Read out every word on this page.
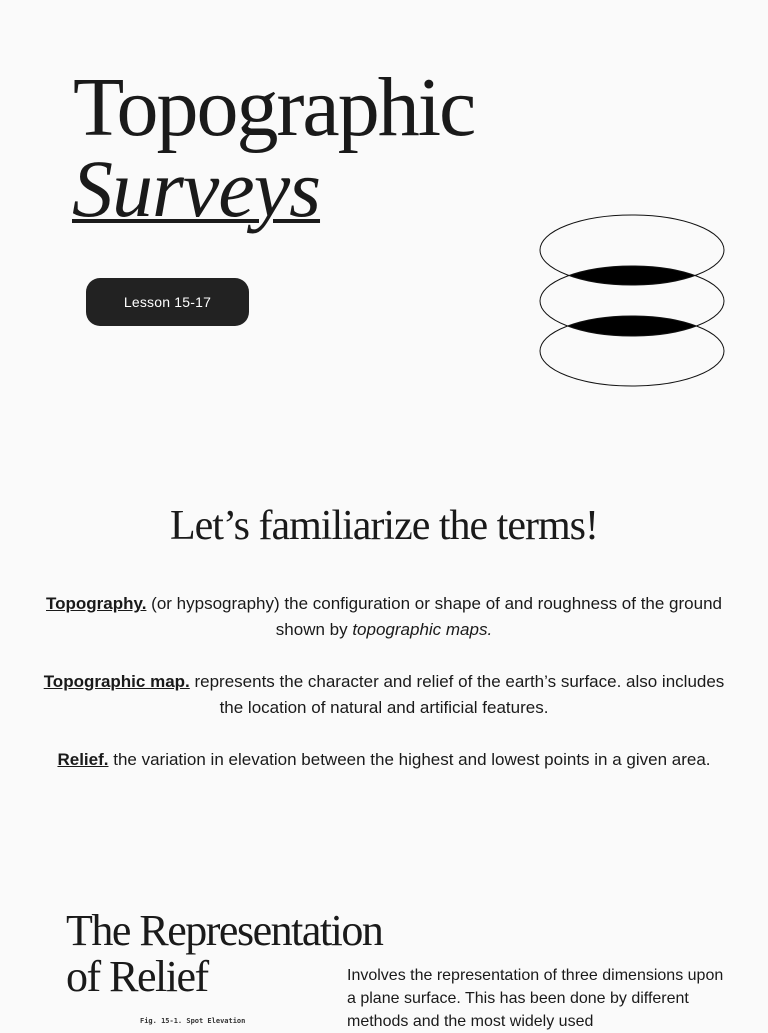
Topographic
Surveys
Lesson 15-17
Let’s familiarize the terms!

Topography. (or hypsography) the configuration or shape of and roughness of the ground shown by topographic maps.

Topographic map. represents the character and relief of the earth’s surface. also includes the location of natural and artificial features.

Relief. the variation in elevation between the highest and lowest points in a given area.

The Representation
of Relief	Involves the representation of three dimensions upon a plane surface. This has been done by different methods and the most widely used

Fig. 15-1. Spot Elevation
